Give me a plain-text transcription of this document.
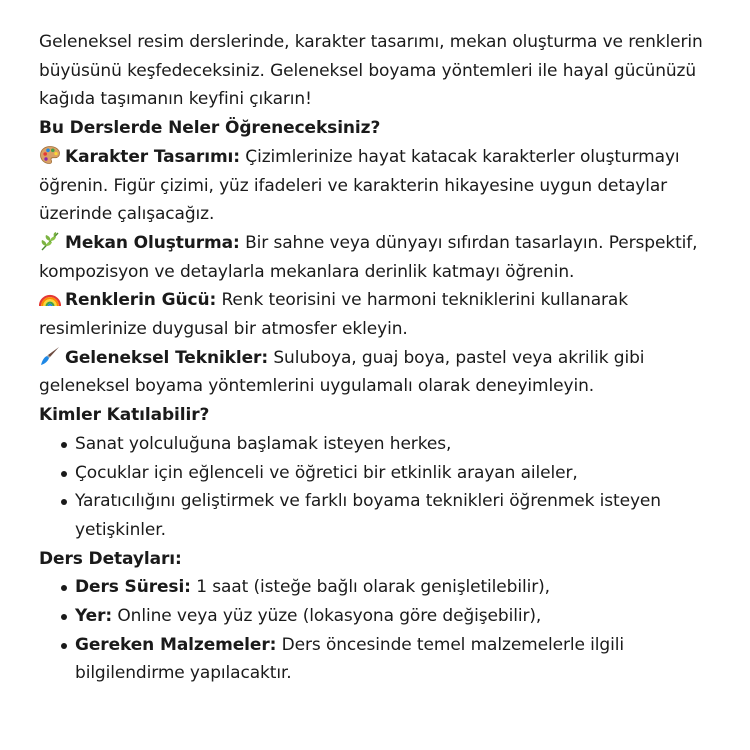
Geleneksel resim derslerinde, karakter tasarımı, mekan oluşturma ve renklerin büyüsünü keşfedeceksiniz. Geleneksel boyama yöntemleri ile hayal gücünüzü kağıda taşımanın keyfini çıkarın!

Bu Derslerde Neler Öğreneceksiniz?

Karakter Tasarımı: Çizimlerinize hayat katacak karakterler oluşturmayı öğrenin. Figür çizimi, yüz ifadeleri ve karakterin hikayesine uygun detaylar üzerinde çalışacağız.

Mekan Oluşturma: Bir sahne veya dünyayı sıfırdan tasarlayın. Perspektif, kompozisyon ve detaylarla mekanlara derinlik katmayı öğrenin.

Renklerin Gücü: Renk teorisini ve harmoni tekniklerini kullanarak resimlerinize duygusal bir atmosfer ekleyin.

Geleneksel Teknikler: Suluboya, guaj boya, pastel veya akrilik gibi geleneksel boyama yöntemlerini uygulamalı olarak deneyimleyin.

Kimler Katılabilir?

Sanat yolculuğuna başlamak isteyen herkes,
Çocuklar için eğlenceli ve öğretici bir etkinlik arayan aileler,
Yaratıcılığını geliştirmek ve farklı boyama teknikleri öğrenmek isteyen yetişkinler.

Ders Detayları:

Ders Süresi: 1 saat (isteğe bağlı olarak genişletilebilir),
Yer: Online veya yüz yüze (lokasyona göre değişebilir),
Gereken Malzemeler: Ders öncesinde temel malzemelerle ilgili bilgilendirme yapılacaktır.
